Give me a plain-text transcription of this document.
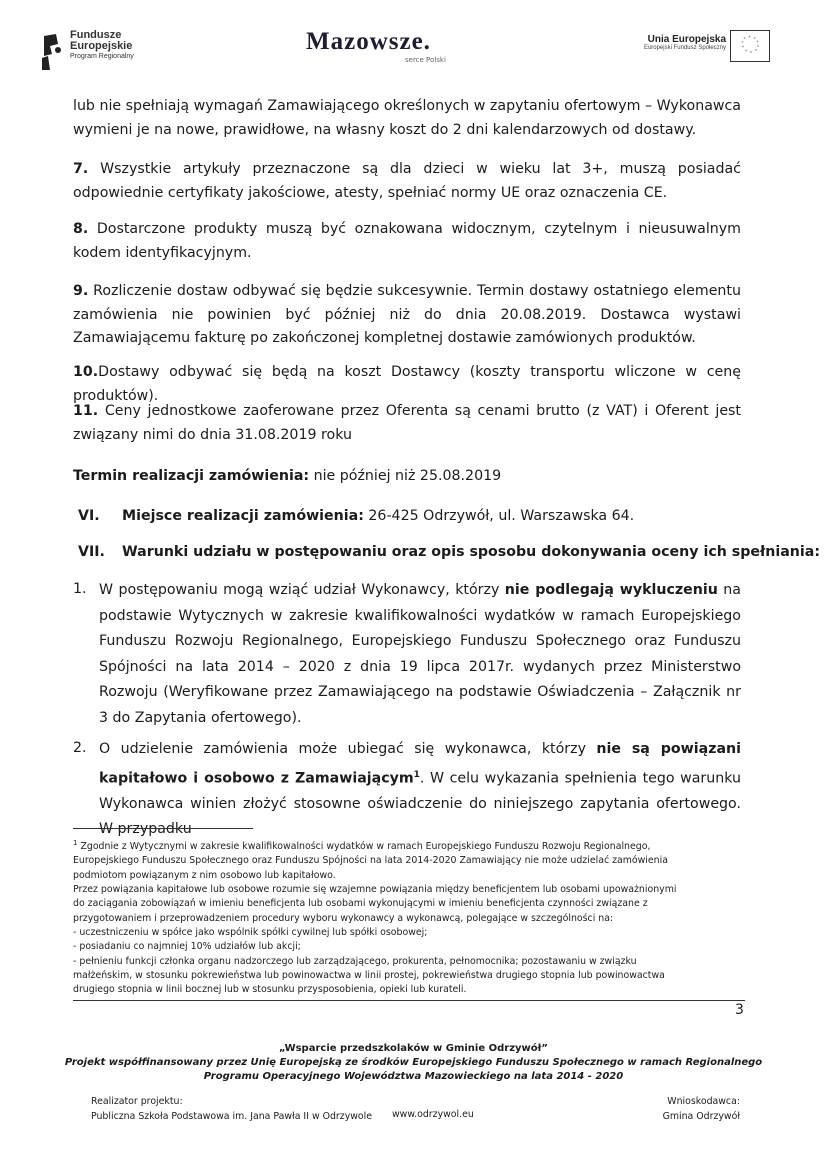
Fundusze
Europejskie
Program Regionalny
Mazowsze.
serce Polski
Unia Europejska
Europejski Fundusz Społeczny
* *
*
*
*
*
*
*
*
*
lub nie spełniają wymagań Zamawiającego określonych w zapytaniu ofertowym – Wykonawca
wymieni je na nowe, prawidłowe, na własny koszt do 2 dni kalendarzowych od dostawy.

7. Wszystkie artykuły przeznaczone są dla dzieci w wieku lat 3+, muszą posiadać odpowiednie certyfikaty jakościowe, atesty, spełniać normy UE oraz oznaczenia CE.

8. Dostarczone produkty muszą być oznakowana widocznym, czytelnym i nieusuwalnym kodem identyfikacyjnym.

9. Rozliczenie dostaw odbywać się będzie sukcesywnie. Termin dostawy ostatniego elementu zamówienia nie powinien być później niż do dnia 20.08.2019. Dostawca wystawi Zamawiającemu fakturę po zakończonej kompletnej dostawie zamówionych produktów.

10.Dostawy odbywać się będą na koszt Dostawcy (koszty transportu wliczone w cenę produktów).

11. Ceny jednostkowe zaoferowane przez Oferenta są cenami brutto (z VAT) i Oferent jest związany nimi do dnia 31.08.2019 roku

Termin realizacji zamówienia: nie później niż 25.08.2019
VI. Miejsce realizacji zamówienia: 26-425 Odrzywół, ul. Warszawska 64.
VII. Warunki udziału w postępowaniu oraz opis sposobu dokonywania oceny ich spełniania:
1. W postępowaniu mogą wziąć udział Wykonawcy, którzy nie podlegają wykluczeniu na podstawie Wytycznych w zakresie kwalifikowalności wydatków w ramach Europejskiego Funduszu Rozwoju Regionalnego, Europejskiego Funduszu Społecznego oraz Funduszu Spójności na lata 2014 – 2020 z dnia 19 lipca 2017r. wydanych przez Ministerstwo Rozwoju (Weryfikowane przez Zamawiającego na podstawie Oświadczenia – Załącznik nr 3 do Zapytania ofertowego).
2. O udzielenie zamówienia może ubiegać się wykonawca, którzy nie są powiązani kapitałowo i osobowo z Zamawiającym$^1$. W celu wykazania spełnienia tego warunku Wykonawca winien złożyć stosowne oświadczenie do niniejszego zapytania ofertowego. W przypadku

$^1$ Zgodnie z Wytycznymi w zakresie kwalifikowalności wydatków w ramach Europejskiego Funduszu Rozwoju Regionalnego,

Europejskiego Funduszu Społecznego oraz Funduszu Spójności na lata 2014-2020 Zamawiający nie może udzielać zamówienia

podmiotom powiązanym z nim osobowo lub kapitałowo.

Przez powiązania kapitałowe lub osobowe rozumie się wzajemne powiązania między beneficjentem lub osobami upoważnionymi

do zaciągania zobowiązań w imieniu beneficjenta lub osobami wykonującymi w imieniu beneficjenta czynności związane z

przygotowaniem i przeprowadzeniem procedury wyboru wykonawcy a wykonawcą, polegające w szczególności na:

- uczestniczeniu w spółce jako wspólnik spółki cywilnej lub spółki osobowej;

- posiadaniu co najmniej 10% udziałów lub akcji;

- pełnieniu funkcji członka organu nadzorczego lub zarządzającego, prokurenta, pełnomocnika; pozostawaniu w związku

małżeńskim, w stosunku pokrewieństwa lub powinowactwa w linii prostej, pokrewieństwa drugiego stopnia lub powinowactwa

drugiego stopnia w linii bocznej lub w stosunku przysposobienia, opieki lub kurateli.

3
„Wsparcie przedszkolaków w Gminie Odrzywół”
Projekt współfinansowany przez Unię Europejską ze środków Europejskiego Funduszu Społecznego w ramach Regionalnego
Programu Operacyjnego Województwa Mazowieckiego na lata 2014 - 2020
Realizator projektu:
Publiczna Szkoła Podstawowa im. Jana Pawła II w Odrzywole www.odrzywol.eu
Wnioskodawca:
Gmina Odrzywół
